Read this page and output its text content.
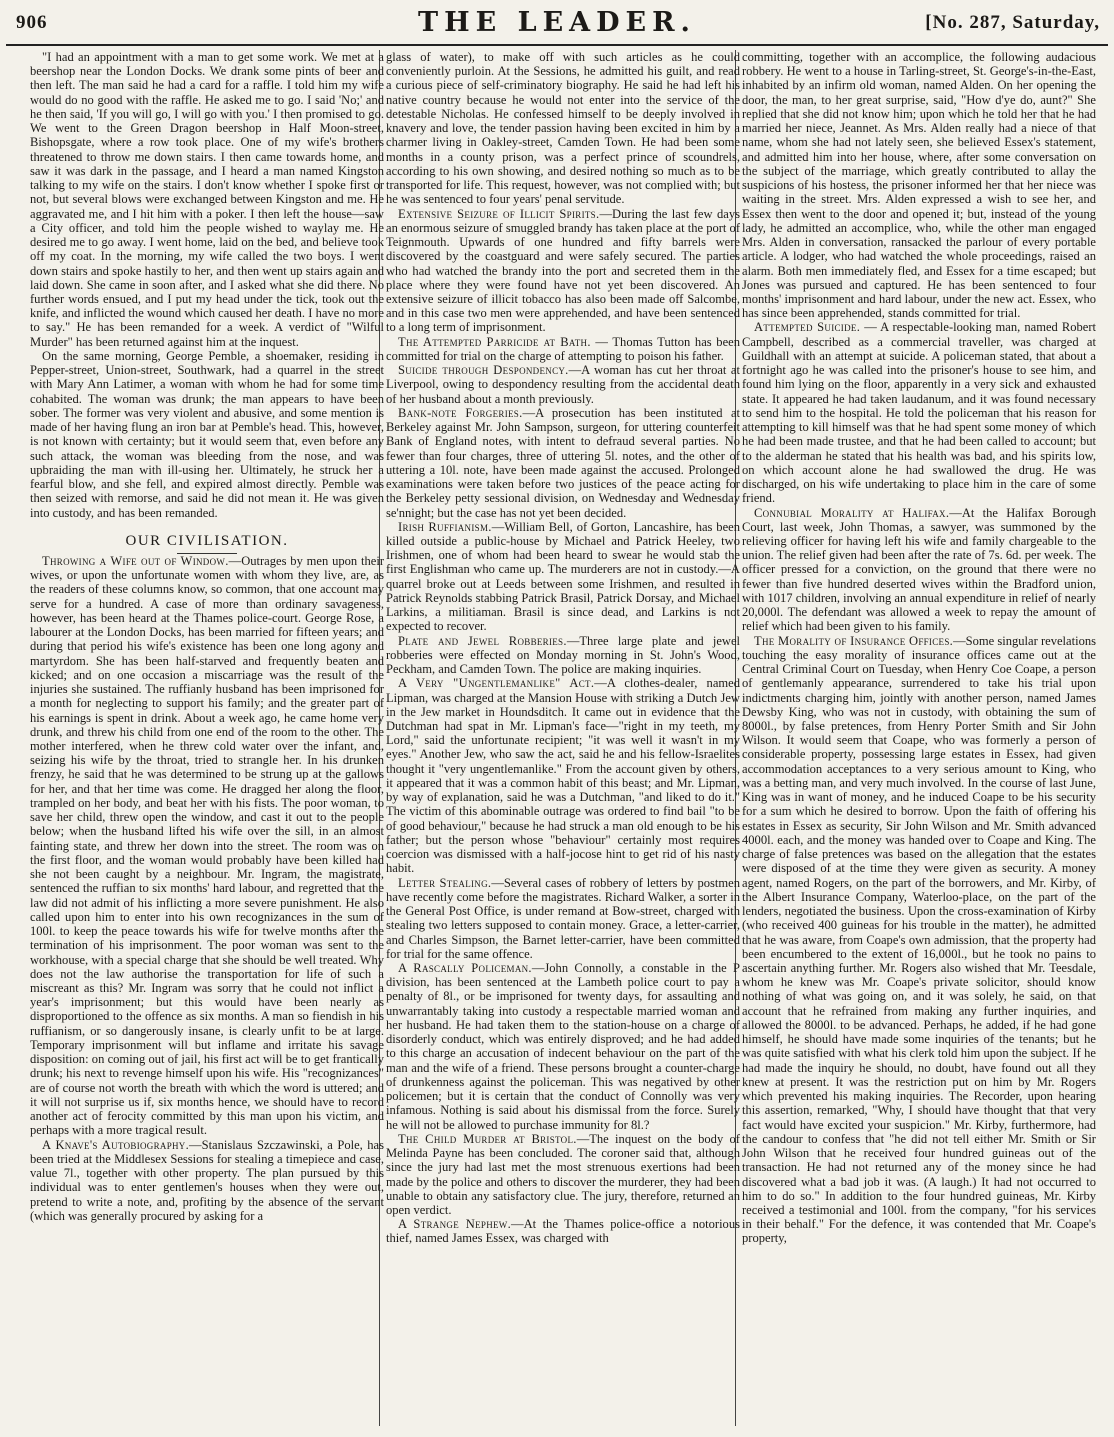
906	THE LEADER.	[No. 287, Saturday,

"I had an appointment with a man to get some work. We met at a beershop near the London Docks. We drank some pints of beer and then left. The man said he had a card for a raffle. I told him my wife would do no good with the raffle. He asked me to go. I said 'No;' and he then said, 'If you will go, I will go with you.' I then promised to go. We went to the Green Dragon beershop in Half Moon-street, Bishopsgate, where a row took place. One of my wife's brothers threatened to throw me down stairs. I then came towards home, and saw it was dark in the passage, and I heard a man named Kingston talking to my wife on the stairs. I don't know whether I spoke first or not, but several blows were exchanged between Kingston and me. He aggravated me, and I hit him with a poker. I then left the house—saw a City officer, and told him the people wished to waylay me. He desired me to go away. I went home, laid on the bed, and believe took off my coat. In the morning, my wife called the two boys. I went down stairs and spoke hastily to her, and then went up stairs again and laid down. She came in soon after, and I asked what she did there. No further words ensued, and I put my head under the tick, took out the knife, and inflicted the wound which caused her death. I have no more to say." He has been remanded for a week. A verdict of "Wilful Murder" has been returned against him at the inquest.

On the same morning, George Pemble, a shoemaker, residing in Pepper-street, Union-street, Southwark, had a quarrel in the street with Mary Ann Latimer, a woman with whom he had for some time cohabited. The woman was drunk; the man appears to have been sober. The former was very violent and abusive, and some mention is made of her having flung an iron bar at Pemble's head. This, however, is not known with certainty; but it would seem that, even before any such attack, the woman was bleeding from the nose, and was upbraiding the man with ill-using her. Ultimately, he struck her a fearful blow, and she fell, and expired almost directly. Pemble was then seized with remorse, and said he did not mean it. He was given into custody, and has been remanded.

OUR CIVILISATION.

Throwing a Wife out of Window.—Outrages by men upon their wives, or upon the unfortunate women with whom they live, are, as the readers of these columns know, so common, that one account may serve for a hundred. A case of more than ordinary savageness, however, has been heard at the Thames police-court. George Rose, a labourer at the London Docks, has been married for fifteen years; and during that period his wife's existence has been one long agony and martyrdom. She has been half-starved and frequently beaten and kicked; and on one occasion a miscarriage was the result of the injuries she sustained. The ruffianly husband has been imprisoned for a month for neglecting to support his family; and the greater part of his earnings is spent in drink. About a week ago, he came home very drunk, and threw his child from one end of the room to the other. The mother interfered, when he threw cold water over the infant, and, seizing his wife by the throat, tried to strangle her. In his drunken frenzy, he said that he was determined to be strung up at the gallows for her, and that her time was come. He dragged her along the floor, trampled on her body, and beat her with his fists. The poor woman, to save her child, threw open the window, and cast it out to the people below; when the husband lifted his wife over the sill, in an almost fainting state, and threw her down into the street. The room was on the first floor, and the woman would probably have been killed had she not been caught by a neighbour. Mr. Ingram, the magistrate, sentenced the ruffian to six months' hard labour, and regretted that the law did not admit of his inflicting a more severe punishment. He also called upon him to enter into his own recognizances in the sum of 100l. to keep the peace towards his wife for twelve months after the termination of his imprisonment. The poor woman was sent to the workhouse, with a special charge that she should be well treated. Why does not the law authorise the transportation for life of such a miscreant as this? Mr. Ingram was sorry that he could not inflict a year's imprisonment; but this would have been nearly as disproportioned to the offence as six months. A man so fiendish in his ruffianism, or so dangerously insane, is clearly unfit to be at large. Temporary imprisonment will but inflame and irritate his savage disposition: on coming out of jail, his first act will be to get frantically drunk; his next to revenge himself upon his wife. His "recognizances" are of course not worth the breath with which the word is uttered; and it will not surprise us if, six months hence, we should have to record another act of ferocity committed by this man upon his victim, and perhaps with a more tragical result.

A Knave's Autobiography.—Stanislaus Szczawinski, a Pole, has been tried at the Middlesex Sessions for stealing a timepiece and case, value 7l., together with other property. The plan pursued by this individual was to enter gentlemen's houses when they were out, pretend to write a note, and, profiting by the absence of the servant (which was generally procured by asking for a

glass of water), to make off with such articles as he could conveniently purloin. At the Sessions, he admitted his guilt, and read a curious piece of self-criminatory biography. He said he had left his native country because he would not enter into the service of the detestable Nicholas. He confessed himself to be deeply involved in knavery and love, the tender passion having been excited in him by a charmer living in Oakley-street, Camden Town. He had been some months in a county prison, was a perfect prince of scoundrels, according to his own showing, and desired nothing so much as to be transported for life. This request, however, was not complied with; but he was sentenced to four years' penal servitude.

Extensive Seizure of Illicit Spirits.—During the last few days an enormous seizure of smuggled brandy has taken place at the port of Teignmouth. Upwards of one hundred and fifty barrels were discovered by the coastguard and were safely secured. The parties who had watched the brandy into the port and secreted them in the place where they were found have not yet been discovered. An extensive seizure of illicit tobacco has also been made off Salcombe, and in this case two men were apprehended, and have been sentenced to a long term of imprisonment.

The Attempted Parricide at Bath. — Thomas Tutton has been committed for trial on the charge of attempting to poison his father.

Suicide through Despondency.—A woman has cut her throat at Liverpool, owing to despondency resulting from the accidental death of her husband about a month previously.

Bank-note Forgeries.—A prosecution has been instituted at Berkeley against Mr. John Sampson, surgeon, for uttering counterfeit Bank of England notes, with intent to defraud several parties. No fewer than four charges, three of uttering 5l. notes, and the other of uttering a 10l. note, have been made against the accused. Prolonged examinations were taken before two justices of the peace acting for the Berkeley petty sessional division, on Wednesday and Wednesday se'nnight; but the case has not yet been decided.

Irish Ruffianism.—William Bell, of Gorton, Lancashire, has been killed outside a public-house by Michael and Patrick Heeley, two Irishmen, one of whom had been heard to swear he would stab the first Englishman who came up. The murderers are not in custody.—A quarrel broke out at Leeds between some Irishmen, and resulted in Patrick Reynolds stabbing Patrick Brasil, Patrick Dorsay, and Michael Larkins, a militiaman. Brasil is since dead, and Larkins is not expected to recover.

Plate and Jewel Robberies.—Three large plate and jewel robberies were effected on Monday morning in St. John's Wood, Peckham, and Camden Town. The police are making inquiries.

A Very "Ungentlemanlike" Act.—A clothes-dealer, named Lipman, was charged at the Mansion House with striking a Dutch Jew in the Jew market in Houndsditch. It came out in evidence that the Dutchman had spat in Mr. Lipman's face—"right in my teeth, my Lord," said the unfortunate recipient; "it was well it wasn't in my eyes." Another Jew, who saw the act, said he and his fellow-Israelites thought it "very ungentlemanlike." From the account given by others, it appeared that it was a common habit of this beast; and Mr. Lipman, by way of explanation, said he was a Dutchman, "and liked to do it." The victim of this abominable outrage was ordered to find bail "to be of good behaviour," because he had struck a man old enough to be his father; but the person whose "behaviour" certainly most requires coercion was dismissed with a half-jocose hint to get rid of his nasty habit.

Letter Stealing.—Several cases of robbery of letters by postmen have recently come before the magistrates. Richard Walker, a sorter in the General Post Office, is under remand at Bow-street, charged with stealing two letters supposed to contain money. Grace, a letter-carrier, and Charles Simpson, the Barnet letter-carrier, have been committed for trial for the same offence.

A Rascally Policeman.—John Connolly, a constable in the P division, has been sentenced at the Lambeth police court to pay a penalty of 8l., or be imprisoned for twenty days, for assaulting and unwarrantably taking into custody a respectable married woman and her husband. He had taken them to the station-house on a charge of disorderly conduct, which was entirely disproved; and he had added to this charge an accusation of indecent behaviour on the part of the man and the wife of a friend. These persons brought a counter-charge of drunkenness against the policeman. This was negatived by other policemen; but it is certain that the conduct of Connolly was very infamous. Nothing is said about his dismissal from the force. Surely he will not be allowed to purchase immunity for 8l.?

The Child Murder at Bristol.—The inquest on the body of Melinda Payne has been concluded. The coroner said that, although since the jury had last met the most strenuous exertions had been made by the police and others to discover the murderer, they had been unable to obtain any satisfactory clue. The jury, therefore, returned an open verdict.

A Strange Nephew.—At the Thames police-office a notorious thief, named James Essex, was charged with

committing, together with an accomplice, the following audacious robbery. He went to a house in Tarling-street, St. George's-in-the-East, inhabited by an infirm old woman, named Alden. On her opening the door, the man, to her great surprise, said, "How d'ye do, aunt?" She replied that she did not know him; upon which he told her that he had married her niece, Jeannet. As Mrs. Alden really had a niece of that name, whom she had not lately seen, she believed Essex's statement, and admitted him into her house, where, after some conversation on the subject of the marriage, which greatly contributed to allay the suspicions of his hostess, the prisoner informed her that her niece was waiting in the street. Mrs. Alden expressed a wish to see her, and Essex then went to the door and opened it; but, instead of the young lady, he admitted an accomplice, who, while the other man engaged Mrs. Alden in conversation, ransacked the parlour of every portable article. A lodger, who had watched the whole proceedings, raised an alarm. Both men immediately fled, and Essex for a time escaped; but Jones was pursued and captured. He has been sentenced to four months' imprisonment and hard labour, under the new act. Essex, who has since been apprehended, stands committed for trial.

Attempted Suicide. — A respectable-looking man, named Robert Campbell, described as a commercial traveller, was charged at Guildhall with an attempt at suicide. A policeman stated, that about a fortnight ago he was called into the prisoner's house to see him, and found him lying on the floor, apparently in a very sick and exhausted state. It appeared he had taken laudanum, and it was found necessary to send him to the hospital. He told the policeman that his reason for attempting to kill himself was that he had spent some money of which he had been made trustee, and that he had been called to account; but to the alderman he stated that his health was bad, and his spirits low, on which account alone he had swallowed the drug. He was discharged, on his wife undertaking to place him in the care of some friend.

Connubial Morality at Halifax.—At the Halifax Borough Court, last week, John Thomas, a sawyer, was summoned by the relieving officer for having left his wife and family chargeable to the union. The relief given had been after the rate of 7s. 6d. per week. The officer pressed for a conviction, on the ground that there were no fewer than five hundred deserted wives within the Bradford union, with 1017 children, involving an annual expenditure in relief of nearly 20,000l. The defendant was allowed a week to repay the amount of relief which had been given to his family.

The Morality of Insurance Offices.—Some singular revelations touching the easy morality of insurance offices came out at the Central Criminal Court on Tuesday, when Henry Coe Coape, a person of gentlemanly appearance, surrendered to take his trial upon indictments charging him, jointly with another person, named James Dewsby King, who was not in custody, with obtaining the sum of 8000l., by false pretences, from Henry Porter Smith and Sir John Wilson. It would seem that Coape, who was formerly a person of considerable property, possessing large estates in Essex, had given accommodation acceptances to a very serious amount to King, who was a betting man, and very much involved. In the course of last June, King was in want of money, and he induced Coape to be his security for a sum which he desired to borrow. Upon the faith of offering his estates in Essex as security, Sir John Wilson and Mr. Smith advanced 4000l. each, and the money was handed over to Coape and King. The charge of false pretences was based on the allegation that the estates were disposed of at the time they were given as security. A money agent, named Rogers, on the part of the borrowers, and Mr. Kirby, of the Albert Insurance Company, Waterloo-place, on the part of the lenders, negotiated the business. Upon the cross-examination of Kirby (who received 400 guineas for his trouble in the matter), he admitted that he was aware, from Coape's own admission, that the property had been encumbered to the extent of 16,000l., but he took no pains to ascertain anything further. Mr. Rogers also wished that Mr. Teesdale, whom he knew was Mr. Coape's private solicitor, should know nothing of what was going on, and it was solely, he said, on that account that he refrained from making any further inquiries, and allowed the 8000l. to be advanced. Perhaps, he added, if he had gone himself, he should have made some inquiries of the tenants; but he was quite satisfied with what his clerk told him upon the subject. If he had made the inquiry he should, no doubt, have found out all they knew at present. It was the restriction put on him by Mr. Rogers which prevented his making inquiries. The Recorder, upon hearing this assertion, remarked, "Why, I should have thought that that very fact would have excited your suspicion." Mr. Kirby, furthermore, had the candour to confess that "he did not tell either Mr. Smith or Sir John Wilson that he received four hundred guineas out of the transaction. He had not returned any of the money since he had discovered what a bad job it was. (A laugh.) It had not occurred to him to do so." In addition to the four hundred guineas, Mr. Kirby received a testimonial and 100l. from the company, "for his services in their behalf." For the defence, it was contended that Mr. Coape's property,
